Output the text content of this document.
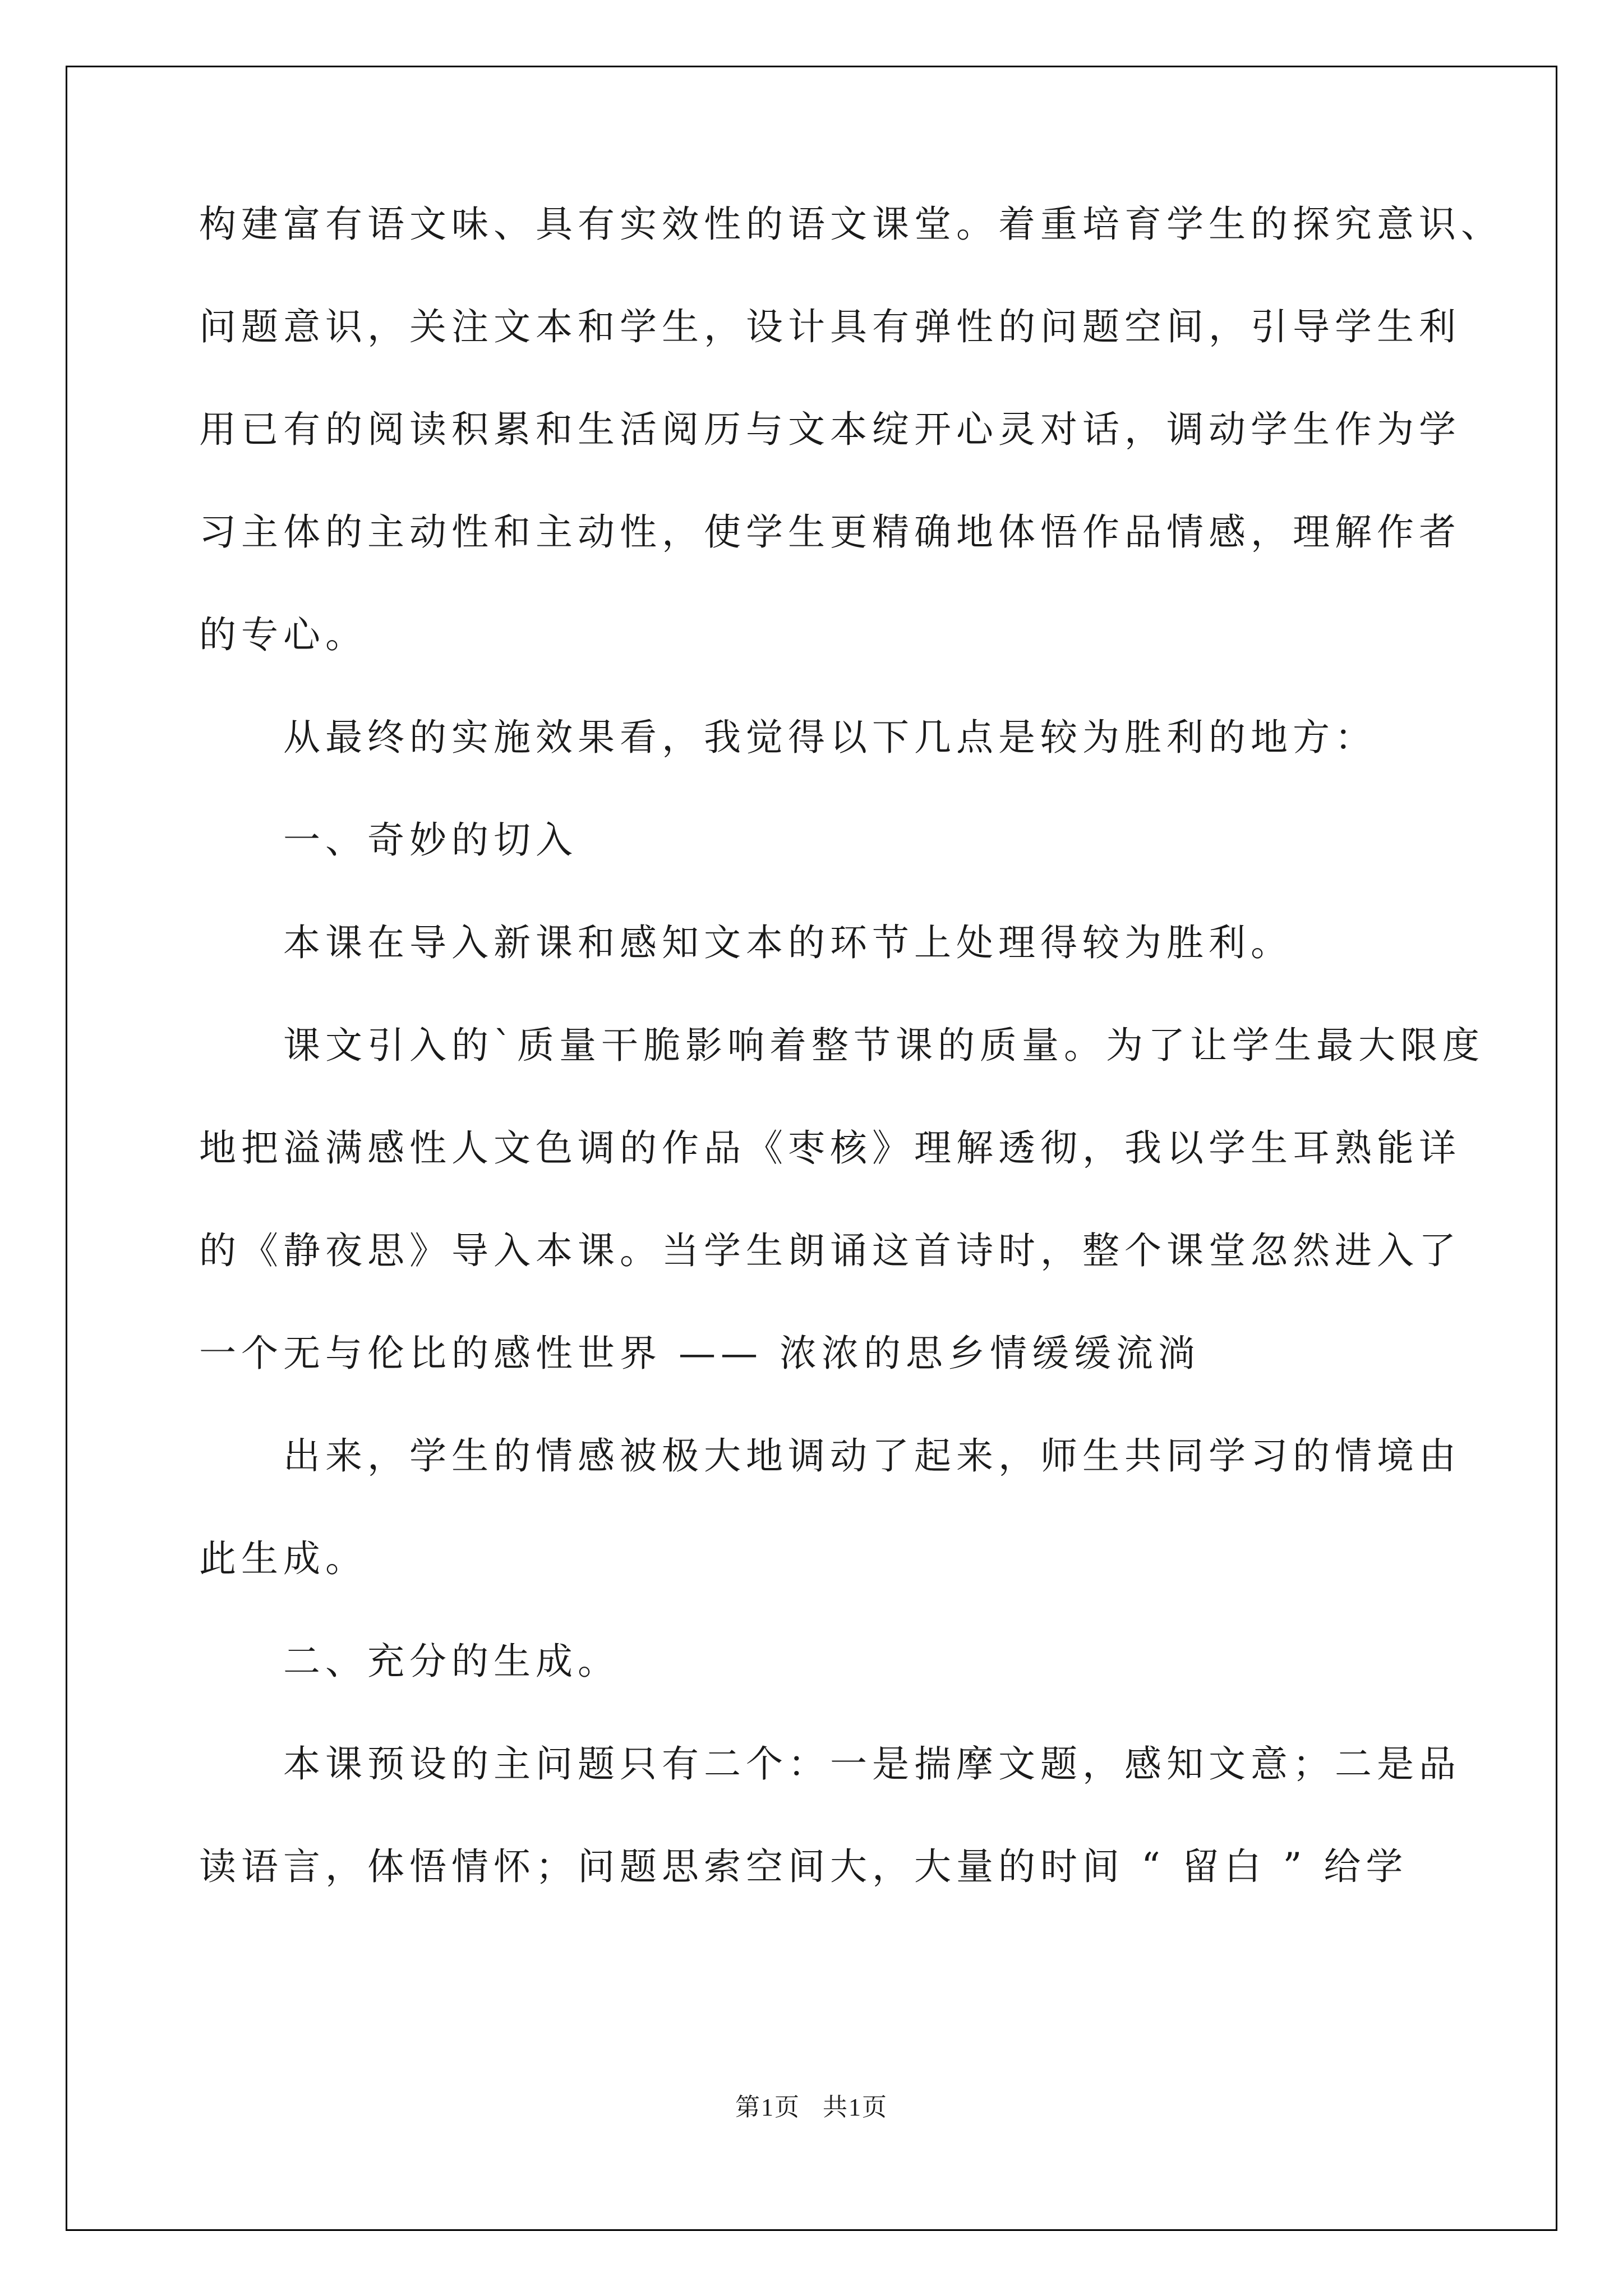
构建富有语文味、具有实效性的语文课堂。着重培育学生的探究意识、
问题意识，关注文本和学生，设计具有弹性的问题空间，引导学生利
用已有的阅读积累和生活阅历与文本绽开心灵对话，调动学生作为学
习主体的主动性和主动性，使学生更精确地体悟作品情感，理解作者
的专心。
从最终的实施效果看，我觉得以下几点是较为胜利的地方：
一、奇妙的切入
本课在导入新课和感知文本的环节上处理得较为胜利。
课文引入的`质量干脆影响着整节课的质量。为了让学生最大限度
地把溢满感性人文色调的作品《枣核》理解透彻，我以学生耳熟能详
的《静夜思》导入本课。当学生朗诵这首诗时，整个课堂忽然进入了
一个无与伦比的感性世界 —— 浓浓的思乡情缓缓流淌
出来，学生的情感被极大地调动了起来，师生共同学习的情境由
此生成。
二、充分的生成。
本课预设的主问题只有二个：一是揣摩文题，感知文意；二是品
读语言，体悟情怀；问题思索空间大，大量的时间 “ 留白 ” 给学
第1页 共1页
